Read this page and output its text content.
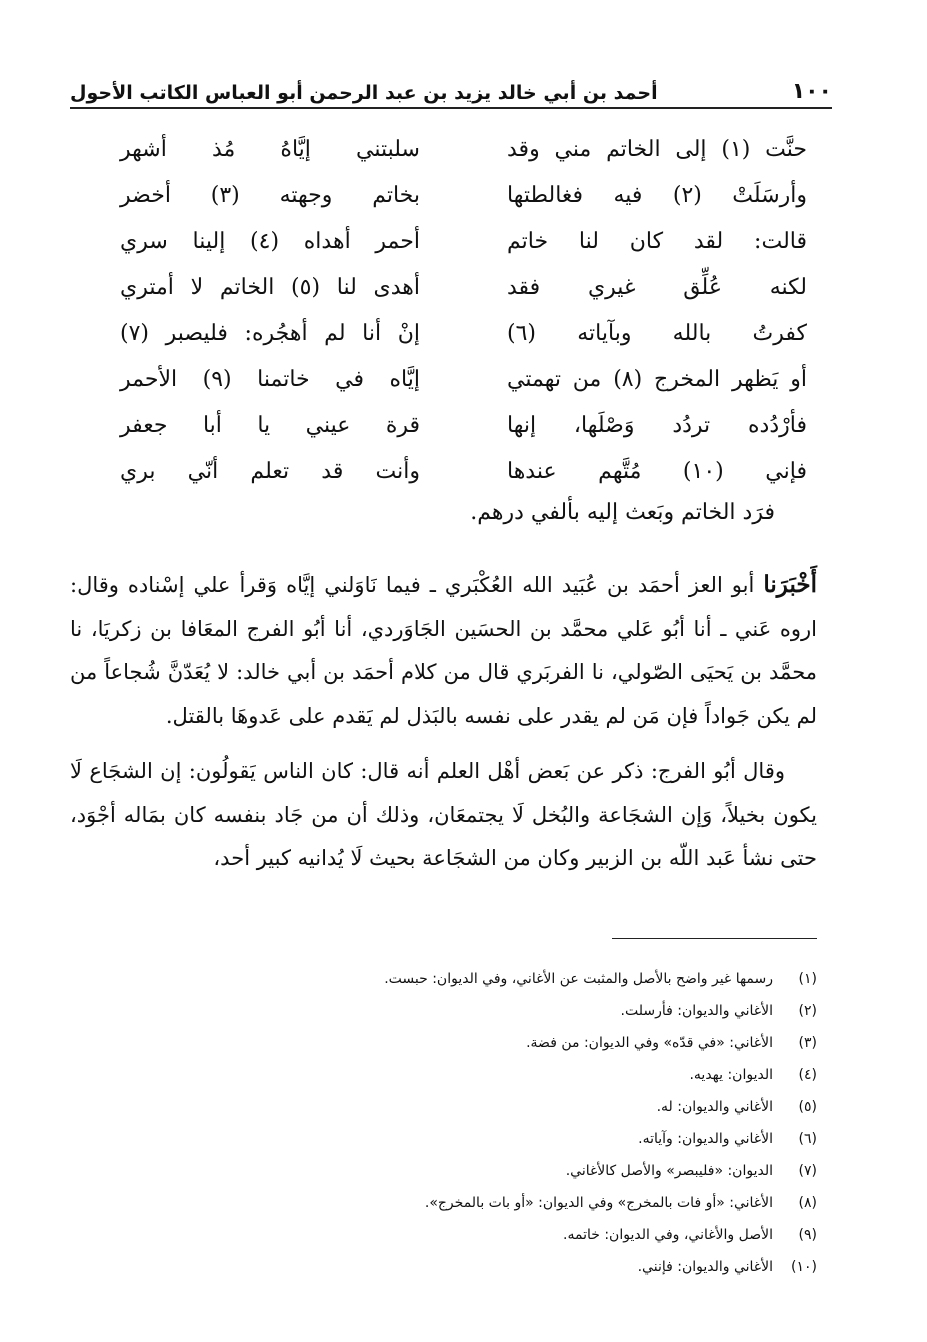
١٠٠
أحمد بن أبي خالد يزيد بن عبد الرحمن أبو العباس الكاتب الأحول
حنَّت (١) إلى الخاتم مني وقد
سلبتني إيَّاهُ مُذ أشهر
وأرسَلَتْ (٢) فيه فغالطتها
بخاتم وجهته (٣) أخضر
قالت: لقد كان لنا خاتم
أحمر أهداه (٤) إلينا سري
لكنه عُلِّق غيري فقد
أهدى لنا (٥) الخاتم لا أمتري
كفرتُ بالله وبآياته (٦)
إنْ أنا لم أهجُره: فليصبر (٧)
أو يَظهر المخرج (٨) من تهمتي
إيَّاه في خاتمنا (٩) الأحمر
فأرْدُده تردُد وَصْلَها، إنها
قرة عيني يا أبا جعفر
فإني (١٠) مُتَّهم عندها
وأنت قد تعلم أنّي بري
فرَد الخاتم وبَعث إليه بألفي درهم.

أَخْبَرَنا أبو العز أحمَد بن عُبَيد الله العُكْبَري ـ فيما نَاوَلني إيَّاه وَقرأ علي إسْناده وقال: اروه عَني ـ أنا أبُو عَلي محمَّد بن الحسَين الجَاوَردي، أنا أبُو الفرج المعَافا بن زكريَا، نا محمَّد بن يَحيَى الصّولي، نا الفربَري قال من كلام أحمَد بن أبي خالد: لا يُعَدّنَّ شُجاعاً من لم يكن جَواداً فإن مَن لم يقدر على نفسه بالبَذل لم يَقدم على عَدوهَا بالقتل.

وقال أبُو الفرج: ذكر عن بَعض أهْل العلم أنه قال: كان الناس يَقولُون: إن الشجَاع لَا يكون بخيلاً، وَإن الشجَاعة والبُخل لَا يجتمعَان، وذلك أن من جَاد بنفسه كان بمَاله أجْوَد، حتى نشأ عَبد اللّه بن الزبير وكان من الشجَاعة بحيث لَا يُدانيه كبير أحد،

(١)
رسمها غير واضح بالأصل والمثبت عن الأغاني، وفي الديوان: حبست.
(٢)
الأغاني والديوان: فأرسلت.
(٣)
الأغاني: «في قدّه» وفي الديوان: من فضة.
(٤)
الديوان: يهديه.
(٥)
الأغاني والديوان: له.
(٦)
الأغاني والديوان: وآياته.
(٧)
الديوان: «فليبصر» والأصل كالأغاني.
(٨)
الأغاني: «أو فات بالمخرج» وفي الديوان: «أو بات بالمخرج».
(٩)
الأصل والأغاني، وفي الديوان: خاتمه.
(١٠)
الأغاني والديوان: فإنني.
